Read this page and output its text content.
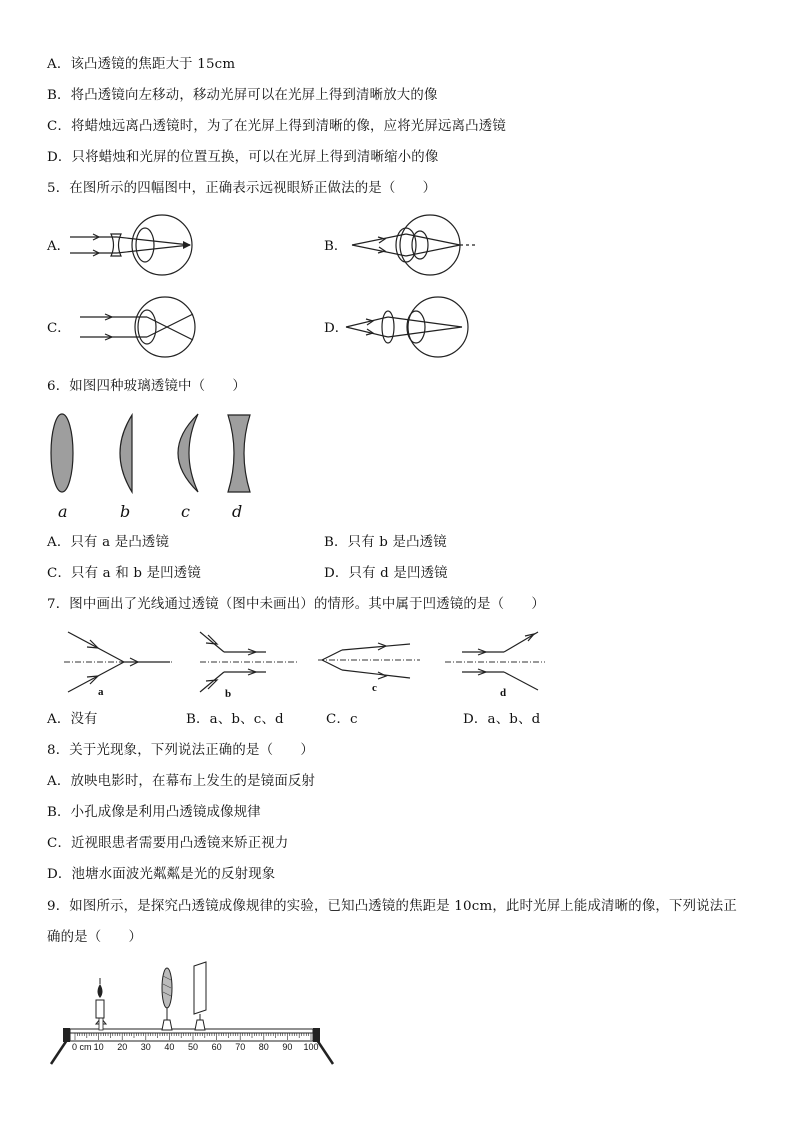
A．该凸透镜的焦距大于 15cm
B．将凸透镜向左移动，移动光屏可以在光屏上得到清晰放大的像
C．将蜡烛远离凸透镜时，为了在光屏上得到清晰的像，应将光屏远离凸透镜
D．只将蜡烛和光屏的位置互换，可以在光屏上得到清晰缩小的像
5．在图所示的四幅图中，正确表示远视眼矫正做法的是（　　）
A．	B．
C．	D．
6．如图四种玻璃透镜中（　　）
a	b	c	d
A．只有 a 是凸透镜	B．只有 b 是凸透镜
C．只有 a 和 b 是凹透镜	D．只有 d 是凹透镜
7．图中画出了光线通过透镜（图中未画出）的情形。其中属于凹透镜的是（　　）
a	b	c	d
A．没有	B．a、b、c、d	C．c	D．a、b、d
8．关于光现象，下列说法正确的是（　　）
A．放映电影时，在幕布上发生的是镜面反射
B．小孔成像是利用凸透镜成像规律
C．近视眼患者需要用凸透镜来矫正视力
D．池塘水面波光粼粼是光的反射现象
9．如图所示，是探究凸透镜成像规律的实验，已知凸透镜的焦距是 10cm，此时光屏上能成清晰的像，下列说法正
确的是（　　）
0 cm 10 20 30 40 50 60 70 80 90 100
